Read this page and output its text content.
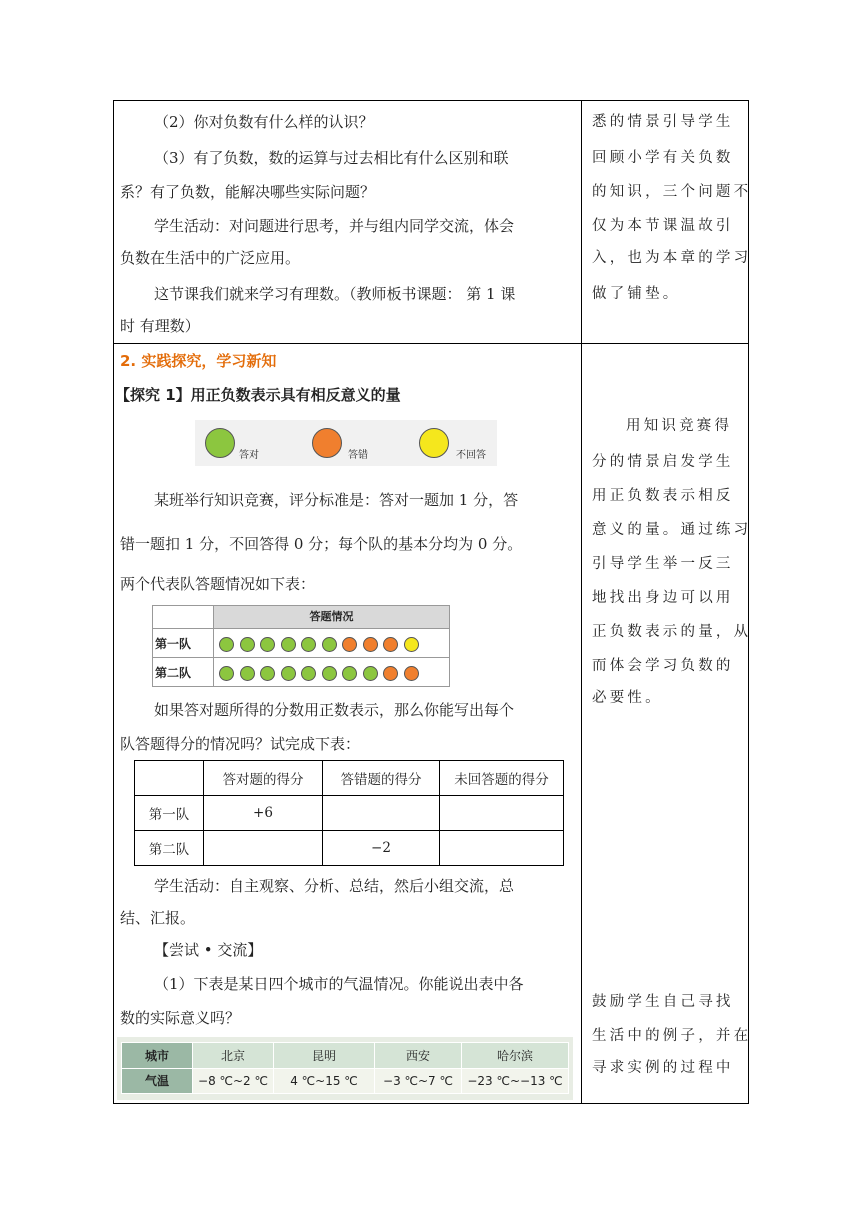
（2）你对负数有什么样的认识？
（3）有了负数，数的运算与过去相比有什么区别和联
系？有了负数，能解决哪些实际问题？
学生活动：对问题进行思考，并与组内同学交流，体会
负数在生活中的广泛应用。
这节课我们就来学习有理数。（教师板书课题： 第 1 课
时 有理数）
悉的情景引导学生
回顾小学有关负数
的知识，三个问题不
仅为本节课温故引
入，也为本章的学习
做了铺垫。
2. 实践探究，学习新知
【探究 1】用正负数表示具有相反意义的量
答对	答错	不回答
某班举行知识竞赛，评分标准是：答对一题加 1 分，答
错一题扣 1 分，不回答得 0 分；每个队的基本分均为 0 分。
两个代表队答题情况如下表：
答题情况
第一队
第二队
如果答对题所得的分数用正数表示，那么你能写出每个
队答题得分的情况吗？试完成下表：
	答对题的得分	答错题的得分	未回答题的得分
第一队	+6		
第二队		−2	
学生活动：自主观察、分析、总结，然后小组交流，总
结、汇报。
【尝试 • 交流】
（1）下表是某日四个城市的气温情况。你能说出表中各
数的实际意义吗？
城市	北京	昆明	西安	哈尔滨
气温	−8 ℃~2 ℃	4 ℃~15 ℃	−3 ℃~7 ℃	−23 ℃~−13 ℃
用知识竞赛得
分的情景启发学生
用正负数表示相反
意义的量。通过练习
引导学生举一反三
地找出身边可以用
正负数表示的量，从
而体会学习负数的
必要性。
鼓励学生自己寻找
生活中的例子，并在
寻求实例的过程中
